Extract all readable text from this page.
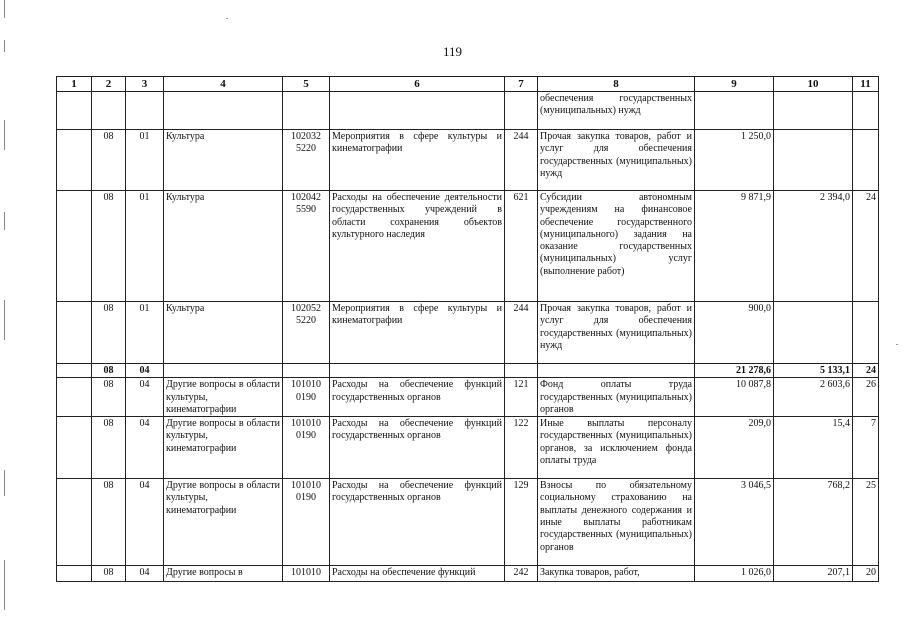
119
1	2	3	4	5	6	7	8	9	10	11
							обеспечения государственных (муниципальных) нужд			
	08	01	Культура	102032 5220	Мероприятия в сфере культуры и кинематографии	244	Прочая закупка товаров, работ и услуг для обеспечения государственных (муниципальных) нужд	1 250,0		
	08	01	Культура	102042 5590	Расходы на обеспечение деятельности государственных учреждений в области сохранения объектов культурного наследия	621	Субсидии автономным учреждениям на финансовое обеспечение государственного (муниципального) задания на оказание государственных (муниципальных) услуг (выполнение работ)	9 871,9	2 394,0	24
	08	01	Культура	102052 5220	Мероприятия в сфере культуры и кинематографии	244	Прочая закупка товаров, работ и услуг для обеспечения государственных (муниципальных) нужд	900,0		
	08	04						21 278,6	5 133,1	24
	08	04	Другие вопросы в области культуры, кинематографии	101010 0190	Расходы на обеспечение функций государственных органов	121	Фонд оплаты труда государственных (муниципальных) органов	10 087,8	2 603,6	26
	08	04	Другие вопросы в области культуры, кинематографии	101010 0190	Расходы на обеспечение функций государственных органов	122	Иные выплаты персоналу государственных (муниципальных) органов, за исключением фонда оплаты труда	209,0	15,4	7
	08	04	Другие вопросы в области культуры, кинематографии	101010 0190	Расходы на обеспечение функций государственных органов	129	Взносы по обязательному социальному страхованию на выплаты денежного содержания и иные выплаты работникам государственных (муниципальных) органов	3 046,5	768,2	25
	08	04	Другие вопросы в	101010	Расходы на обеспечение функций	242	Закупка товаров, работ,	1 026,0	207,1	20
